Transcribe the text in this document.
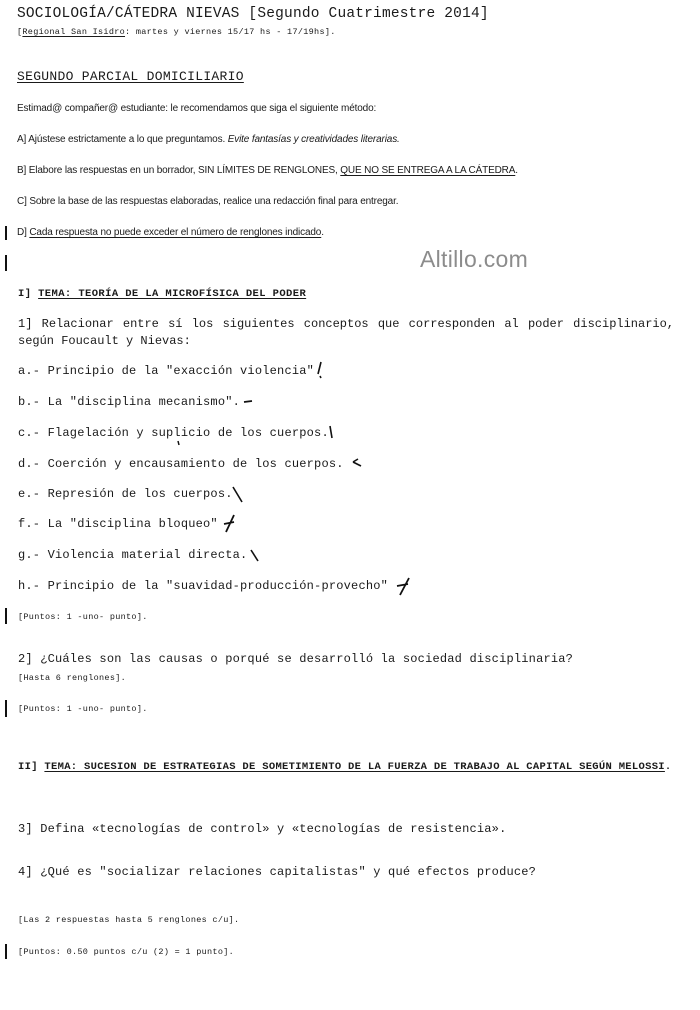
SOCIOLOGÍA/CÁTEDRA NIEVAS [Segundo Cuatrimestre 2014]
[Regional San Isidro: martes y viernes 15/17 hs - 17/19hs].
SEGUNDO PARCIAL DOMICILIARIO
Estimad@ compañer@ estudiante: le recomendamos que siga el siguiente método:
A] Ajústese estrictamente a lo que preguntamos. Evite fantasías y creatividades literarias.
B] Elabore las respuestas en un borrador, SIN LÍMITES DE RENGLONES, QUE NO SE ENTREGA A LA CÁTEDRA.
C] Sobre la base de las respuestas elaboradas, realice una redacción final para entregar.
D] Cada respuesta no puede exceder el número de renglones indicado.
Altillo.com
I] TEMA: TEORÍA DE LA MICROFÍSICA DEL PODER
1] Relacionar entre sí los siguientes conceptos que corresponden al poder disciplinario, según Foucault y Nievas:
a.- Principio de la "exacción violencia"
b.- La "disciplina mecanismo".
c.- Flagelación y suplicio de los cuerpos.
d.- Coerción y encausamiento de los cuerpos.
e.- Represión de los cuerpos.
f.- La "disciplina bloqueo"
g.- Violencia material directa.
h.- Principio de la "suavidad-producción-provecho"
[Puntos: 1 -uno- punto].
2] ¿Cuáles son las causas o porqué se desarrolló la sociedad disciplinaria?
[Hasta 6 renglones].
[Puntos: 1 -uno- punto].
II] TEMA: SUCESION DE ESTRATEGIAS DE SOMETIMIENTO DE LA FUERZA DE TRABAJO AL CAPITAL SEGÚN MELOSSI.
3] Defina «tecnologías de control» y «tecnologías de resistencia».
4] ¿Qué es "socializar relaciones capitalistas" y qué efectos produce?
[Las 2 respuestas hasta 5 renglones c/u].
[Puntos: 0.50 puntos c/u (2) = 1 punto].
